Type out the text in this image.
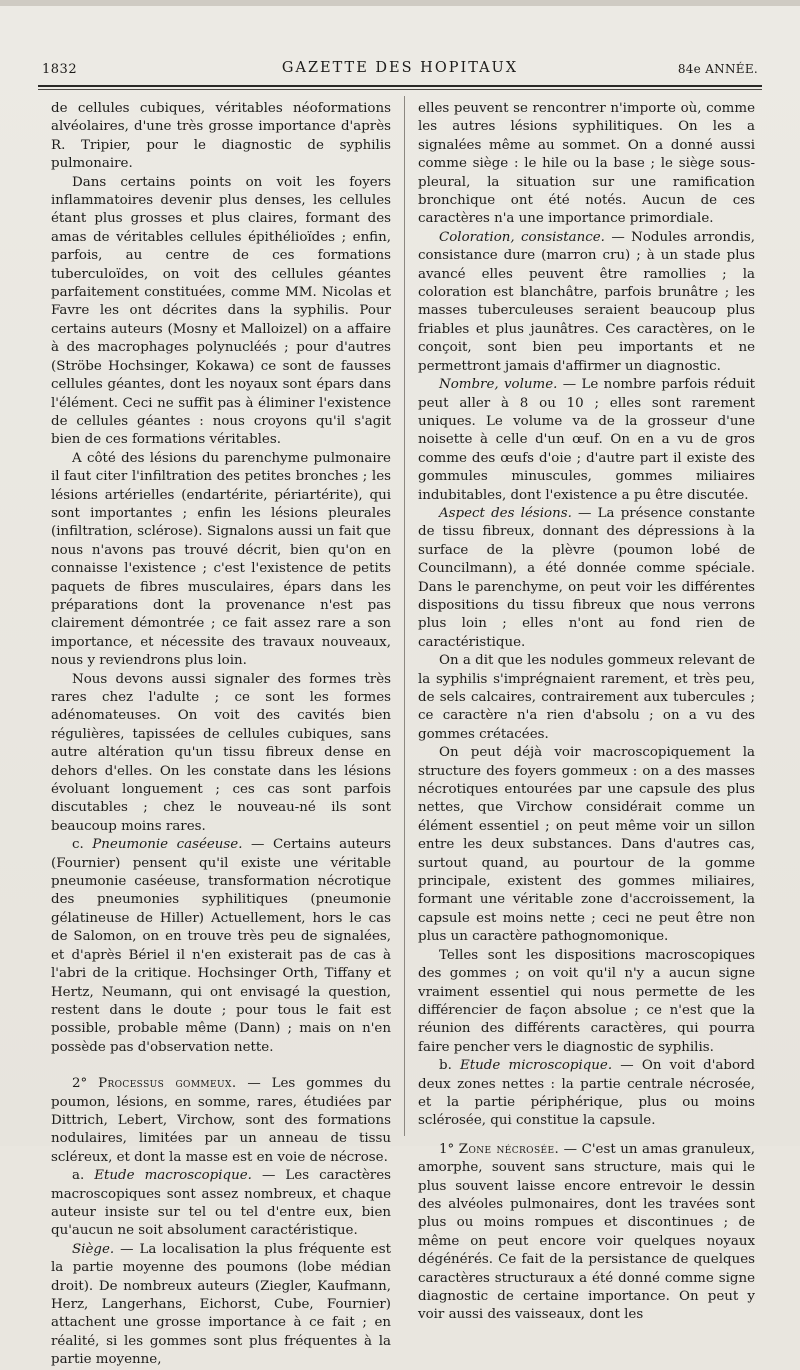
1832	GAZETTE DES HOPITAUX	84e ANNÉE.

de cellules cubiques, véritables néoformations alvéolaires, d'une très grosse importance d'après R. Tripier, pour le diagnostic de syphilis pulmonaire.

Dans certains points on voit les foyers inflammatoires devenir plus denses, les cellules étant plus grosses et plus claires, formant des amas de véritables cellules épithélioïdes ; enfin, parfois, au centre de ces formations tuberculoïdes, on voit des cellules géantes parfaitement constituées, comme MM. Nicolas et Favre les ont décrites dans la syphilis. Pour certains auteurs (Mosny et Malloizel) on a affaire à des macrophages polynucléés ; pour d'autres (Ströbe Hochsinger, Kokawa) ce sont de fausses cellules géantes, dont les noyaux sont épars dans l'élément. Ceci ne suffit pas à éliminer l'existence de cellules géantes : nous croyons qu'il s'agit bien de ces formations véritables.

A côté des lésions du parenchyme pulmonaire il faut citer l'infiltration des petites bronches ; les lésions artérielles (endartérite, périartérite), qui sont importantes ; enfin les lésions pleurales (infiltration, sclérose). Signalons aussi un fait que nous n'avons pas trouvé décrit, bien qu'on en connaisse l'existence ; c'est l'existence de petits paquets de fibres musculaires, épars dans les préparations dont la provenance n'est pas clairement démontrée ; ce fait assez rare a son importance, et nécessite des travaux nouveaux, nous y reviendrons plus loin.

Nous devons aussi signaler des formes très rares chez l'adulte ; ce sont les formes adénomateuses. On voit des cavités bien régulières, tapissées de cellules cubiques, sans autre altération qu'un tissu fibreux dense en dehors d'elles. On les constate dans les lésions évoluant longuement ; ces cas sont parfois discutables ; chez le nouveau-né ils sont beaucoup moins rares.

c. Pneumonie caséeuse. — Certains auteurs (Fournier) pensent qu'il existe une véritable pneumonie caséeuse, transformation nécrotique des pneumonies syphilitiques (pneumonie gélatineuse de Hiller) Actuellement, hors le cas de Salomon, on en trouve très peu de signalées, et d'après Bériel il n'en existerait pas de cas à l'abri de la critique. Hochsinger Orth, Tiffany et Hertz, Neumann, qui ont envisagé la question, restent dans le doute ; pour tous le fait est possible, probable même (Dann) ; mais on n'en possède pas d'observation nette.

2° Processus gommeux. — Les gommes du poumon, lésions, en somme, rares, étudiées par Dittrich, Lebert, Virchow, sont des formations nodulaires, limitées par un anneau de tissu scléreux, et dont la masse est en voie de nécrose.

a. Etude macroscopique. — Les caractères macroscopiques sont assez nombreux, et chaque auteur insiste sur tel ou tel d'entre eux, bien qu'aucun ne soit absolument caractéristique.

Siège. — La localisation la plus fréquente est la partie moyenne des poumons (lobe médian droit). De nombreux auteurs (Ziegler, Kaufmann, Herz, Langerhans, Eichorst, Cube, Fournier) attachent une grosse importance à ce fait ; en réalité, si les gommes sont plus fréquentes à la partie moyenne,

elles peuvent se rencontrer n'importe où, comme les autres lésions syphilitiques. On les a signalées même au sommet. On a donné aussi comme siège : le hile ou la base ; le siège sous-pleural, la situation sur une ramification bronchique ont été notés. Aucun de ces caractères n'a une importance primordiale.

Coloration, consistance. — Nodules arrondis, consistance dure (marron cru) ; à un stade plus avancé elles peuvent être ramollies ; la coloration est blanchâtre, parfois brunâtre ; les masses tuberculeuses seraient beaucoup plus friables et plus jaunâtres. Ces caractères, on le conçoit, sont bien peu importants et ne permettront jamais d'affirmer un diagnostic.

Nombre, volume. — Le nombre parfois réduit peut aller à 8 ou 10 ; elles sont rarement uniques. Le volume va de la grosseur d'une noisette à celle d'un œuf. On en a vu de gros comme des œufs d'oie ; d'autre part il existe des gommules minuscules, gommes miliaires indubitables, dont l'existence a pu être discutée.

Aspect des lésions. — La présence constante de tissu fibreux, donnant des dépressions à la surface de la plèvre (poumon lobé de Councilmann), a été donnée comme spéciale. Dans le parenchyme, on peut voir les différentes dispositions du tissu fibreux que nous verrons plus loin ; elles n'ont au fond rien de caractéristique.

On a dit que les nodules gommeux relevant de la syphilis s'imprégnaient rarement, et très peu, de sels calcaires, contrairement aux tubercules ; ce caractère n'a rien d'absolu ; on a vu des gommes crétacées.

On peut déjà voir macroscopiquement la structure des foyers gommeux : on a des masses nécrotiques entourées par une capsule des plus nettes, que Virchow considérait comme un élément essentiel ; on peut même voir un sillon entre les deux substances. Dans d'autres cas, surtout quand, au pourtour de la gomme principale, existent des gommes miliaires, formant une véritable zone d'accroissement, la capsule est moins nette ; ceci ne peut être non plus un caractère pathognomonique.

Telles sont les dispositions macroscopiques des gommes ; on voit qu'il n'y a aucun signe vraiment essentiel qui nous permette de les différencier de façon absolue ; ce n'est que la réunion des différents caractères, qui pourra faire pencher vers le diagnostic de syphilis.

b. Etude microscopique. — On voit d'abord deux zones nettes : la partie centrale nécrosée, et la partie périphérique, plus ou moins sclérosée, qui constitue la capsule.

1° Zone nécrosée. — C'est un amas granuleux, amorphe, souvent sans structure, mais qui le plus souvent laisse encore entrevoir le dessin des alvéoles pulmonaires, dont les travées sont plus ou moins rompues et discontinues ; de même on peut encore voir quelques noyaux dégénérés. Ce fait de la persistance de quelques caractères structuraux a été donné comme signe diagnostic de certaine importance. On peut y voir aussi des vaisseaux, dont les
